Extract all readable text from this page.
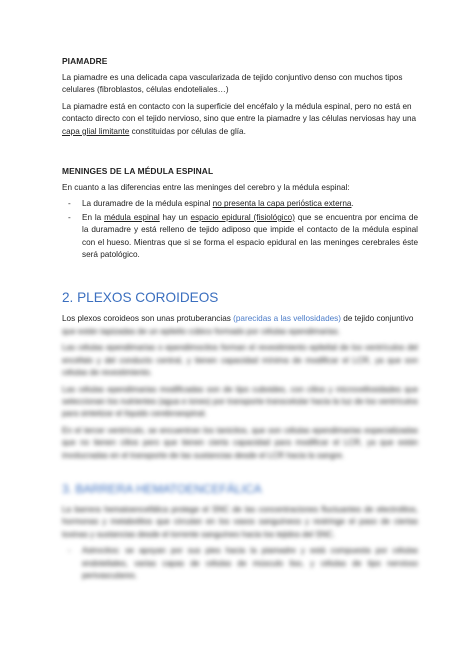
PIAMADRE

La piamadre es una delicada capa vascularizada de tejido conjuntivo denso con muchos tipos celulares (fibroblastos, células endoteliales…)

La piamadre está en contacto con la superficie del encéfalo y la médula espinal, pero no está en contacto directo con el tejido nervioso, sino que entre la piamadre y las células nerviosas hay una capa glial limitante constituidas por células de glía.

MENINGES DE LA MÉDULA ESPINAL

En cuanto a las diferencias entre las meninges del cerebro y la médula espinal:

- La duramadre de la médula espinal no presenta la capa periόstica externa.
- En la médula espinal hay un espacio epidural (fisiológico) que se encuentra por encima de la duramadre y está relleno de tejido adiposo que impide el contacto de la médula espinal con el hueso. Mientras que si se forma el espacio epidural en las meninges cerebrales éste será patológico.
2. PLEXOS COROIDEOS

Los plexos coroideos son unas protuberancias (parecidas a las vellosidades) de tejido conjuntivo
que están tapizadas de un epitelio cúbico formado por células ependimarias.

Las células ependimarias o ependimocitos forman el revestimiento epitelial de los ventrículos del encéfalo y del conducto central, y tienen capacidad mínima de modificar el LCR, ya que son células de revestimiento.

Las células ependimarias modificadas son de tipo cuboides, con cilios y microvellosidades que seleccionan los nutrientes (agua e iones) por transporte transcelular hacia la luz de los ventrículos para sintetizar el líquido cerebroespinal.

En el tercer ventrículo, se encuentran los tanicitos, que son células ependimarias especializadas que no tienen cilios pero que tienen cierta capacidad para modificar el LCR, ya que están involucradas en el transporte de las sustancias desde el LCR hacia la sangre.

3. BARRERA HEMATOENCEFÁLICA

La barrera hematoencefálica protege el SNC de las concentraciones fluctuantes de electrolitos, hormonas y metabolitos que circulan en los vasos sanguíneos y restringe el paso de ciertas toxinas y sustancias desde el torrente sanguíneo hacia los tejidos del SNC.

- Astrocitos: se apoyan por sus pies hacia la piamadre y está compuesta por células endoteliales, varias capas de células de músculo liso, y células de tipo nervioso perivasculares.
